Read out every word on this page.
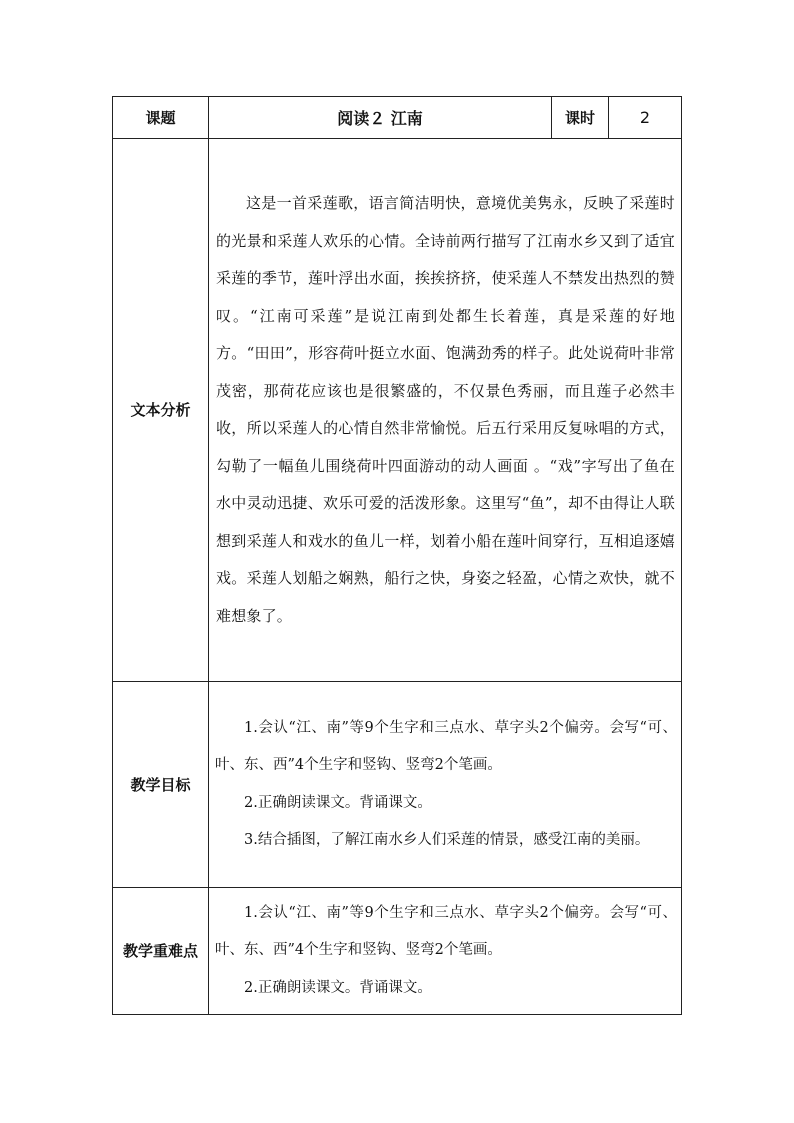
课题	阅读２ 江南	课时	2
文本分析	这是一首采莲歌，语言简洁明快，意境优美隽永，反映了采莲时的光景和采莲人欢乐的心情。全诗前两行描写了江南水乡又到了适宜采莲的季节，莲叶浮出水面，挨挨挤挤，使采莲人不禁发出热烈的赞叹。“江南可采莲”是说江南到处都生长着莲，真是采莲的好地方。“田田”，形容荷叶挺立水面、饱满劲秀的样子。此处说荷叶非常茂密，那荷花应该也是很繁盛的，不仅景色秀丽，而且莲子必然丰收，所以采莲人的心情自然非常愉悦。后五行采用反复咏唱的方式，勾勒了一幅鱼儿围绕荷叶四面游动的动人画面 。“戏”字写出了鱼在水中灵动迅捷、欢乐可爱的活泼形象。这里写“鱼”，却不由得让人联想到采莲人和戏水的鱼儿一样，划着小船在莲叶间穿行，互相追逐嬉戏。采莲人划船之娴熟，船行之快，身姿之轻盈，心情之欢快，就不难想象了。		

教学目标	1.会认“江、南”等9个生字和三点水、草字头2个偏旁。会写“可、叶、东、西”4个生字和竖钩、竖弯2个笔画。

2.正确朗读课文。背诵课文。

3.结合插图，了解江南水乡人们采莲的情景，感受江南的美丽。		

教学重难点	1.会认“江、南”等9个生字和三点水、草字头2个偏旁。会写“可、叶、东、西”4个生字和竖钩、竖弯2个笔画。

2.正确朗读课文。背诵课文。		
